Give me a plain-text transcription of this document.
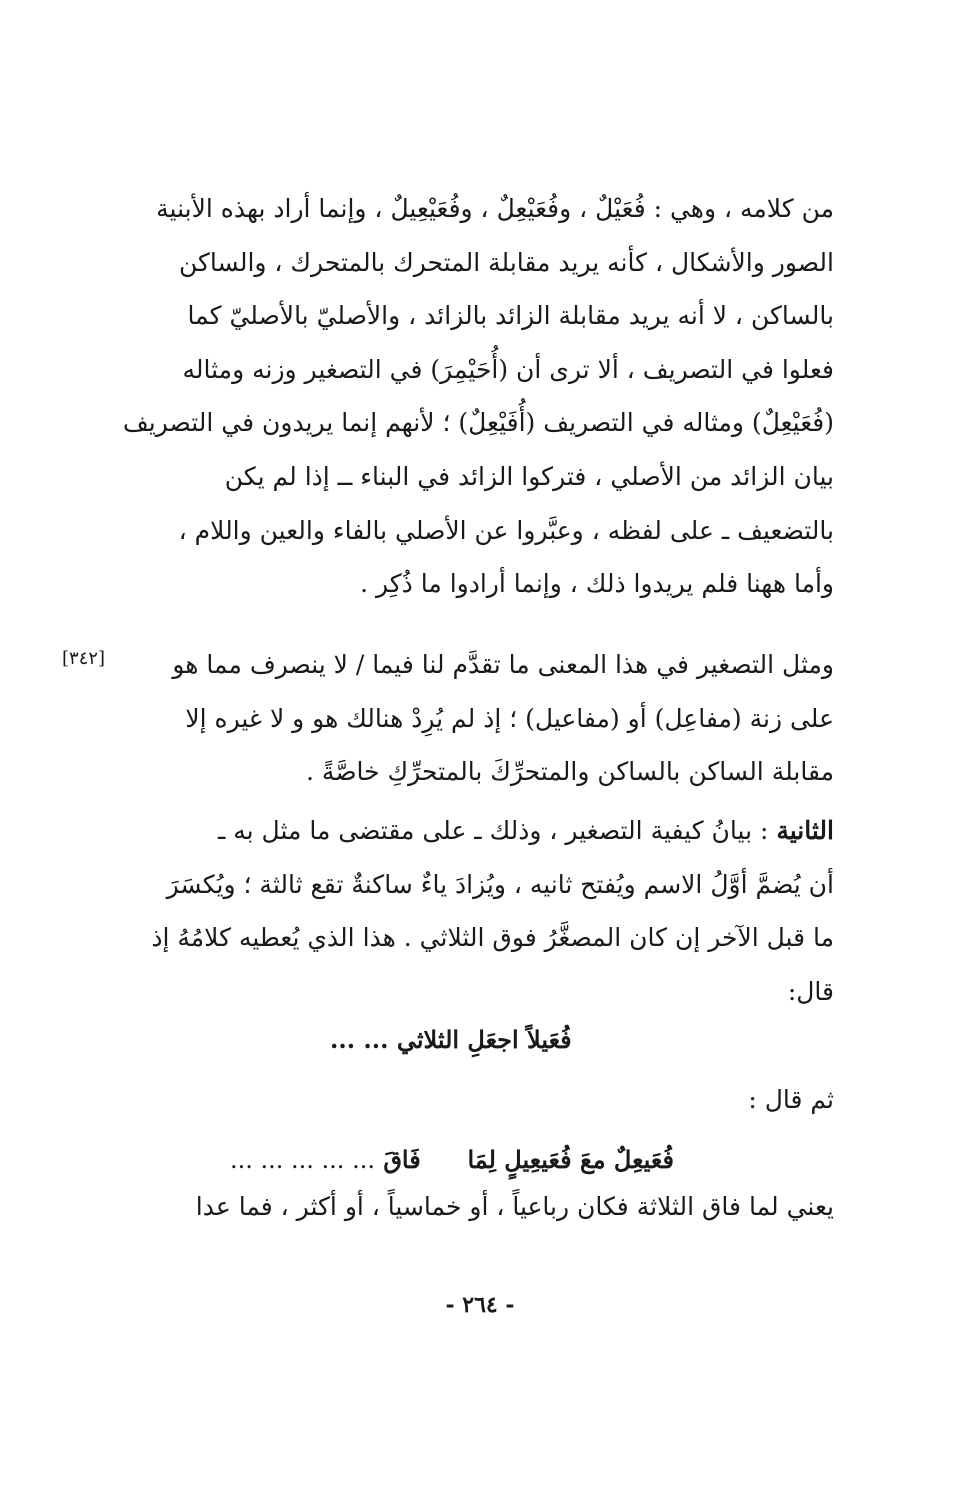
من كلامه ، وهي : فُعَيْلٌ ، وفُعَيْعِلٌ ، وفُعَيْعِيلٌ ، وإنما أراد بهذه الأبنية
الصور والأشكال ، كأنه يريد مقابلة المتحرك بالمتحرك ، والساكن
بالساكن ، لا أنه يريد مقابلة الزائد بالزائد ، والأصليّ بالأصليّ كما
فعلوا في التصريف ، ألا ترى أن (أُحَيْمِرَ) في التصغير وزنه ومثاله
(فُعَيْعِلٌ) ومثاله في التصريف (أُفَيْعِلٌ) ؛ لأنهم إنما يريدون في التصريف
بيان الزائد من الأصلي ، فتركوا الزائد في البناء ــ إذا لم يكن
بالتضعيف ـ على لفظه ، وعبَّروا عن الأصلي بالفاء والعين واللام ،
وأما ههنا فلم يريدوا ذلك ، وإنما أرادوا ما ذُكِر .

[٣٤٢]	ومثل التصغير في هذا المعنى ما تقدَّم لنا فيما / لا ينصرف مما هو
على زنة (مفاعِل) أو (مفاعيل) ؛ إذ لم يُرِدْ هنالك هو و لا غيره إلا
مقابلة الساكن بالساكن والمتحرِّكَ بالمتحرِّكِ خاصَّةً .

الثانية : بيانُ كيفية التصغير ، وذلك ـ على مقتضى ما مثل به ـ
أن يُضمَّ أوَّلُ الاسم ويُفتح ثانيه ، ويُزادَ ياءٌ ساكنةٌ تقع ثالثة ؛ ويُكسَرَ
ما قبل الآخر إن كان المصغَّرُ فوق الثلاثي . هذا الذي يُعطيه كلامُهُ إذ
قال:

فُعَيلاً اجعَلِ الثلاثي ... ...
ثم قال :
فُعَيعِلٌ معَ فُعَيعِيلٍ لِمَا  فَاقَ ... ... ... ... ...

يعني لما فاق الثلاثة فكان رباعياً ، أو خماسياً ، أو أكثر ، فما عدا

- ٢٦٤ -
